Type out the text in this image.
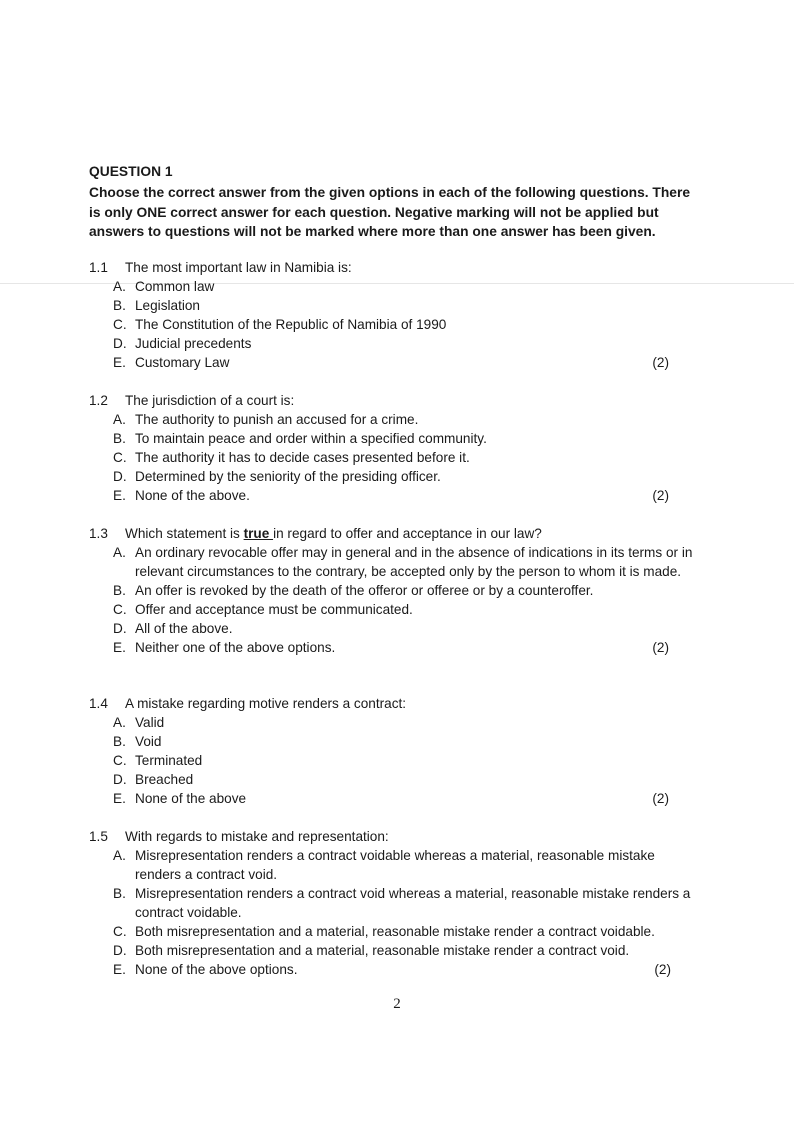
QUESTION 1
Choose the correct answer from the given options in each of the following questions. There is only ONE correct answer for each question. Negative marking will not be applied but answers to questions will not be marked where more than one answer has been given.
1.1 The most important law in Namibia is:
A. Common law
B. Legislation
C. The Constitution of the Republic of Namibia of 1990
D. Judicial precedents
E. Customary Law	(2)
1.2 The jurisdiction of a court is:
A. The authority to punish an accused for a crime.
B. To maintain peace and order within a specified community.
C. The authority it has to decide cases presented before it.
D. Determined by the seniority of the presiding officer.
E. None of the above.	(2)
1.3 Which statement is true in regard to offer and acceptance in our law?
A. An ordinary revocable offer may in general and in the absence of indications in its terms or in relevant circumstances to the contrary, be accepted only by the person to whom it is made.
B. An offer is revoked by the death of the offeror or offeree or by a counteroffer.
C. Offer and acceptance must be communicated.
D. All of the above.
E. Neither one of the above options.	(2)
1.4 A mistake regarding motive renders a contract:
A. Valid
B. Void
C. Terminated
D. Breached
E. None of the above	(2)
1.5 With regards to mistake and representation:
A. Misrepresentation renders a contract voidable whereas a material, reasonable mistake renders a contract void.
B. Misrepresentation renders a contract void whereas a material, reasonable mistake renders a contract voidable.
C. Both misrepresentation and a material, reasonable mistake render a contract voidable.
D. Both misrepresentation and a material, reasonable mistake render a contract void.
E. None of the above options.	(2)
2
